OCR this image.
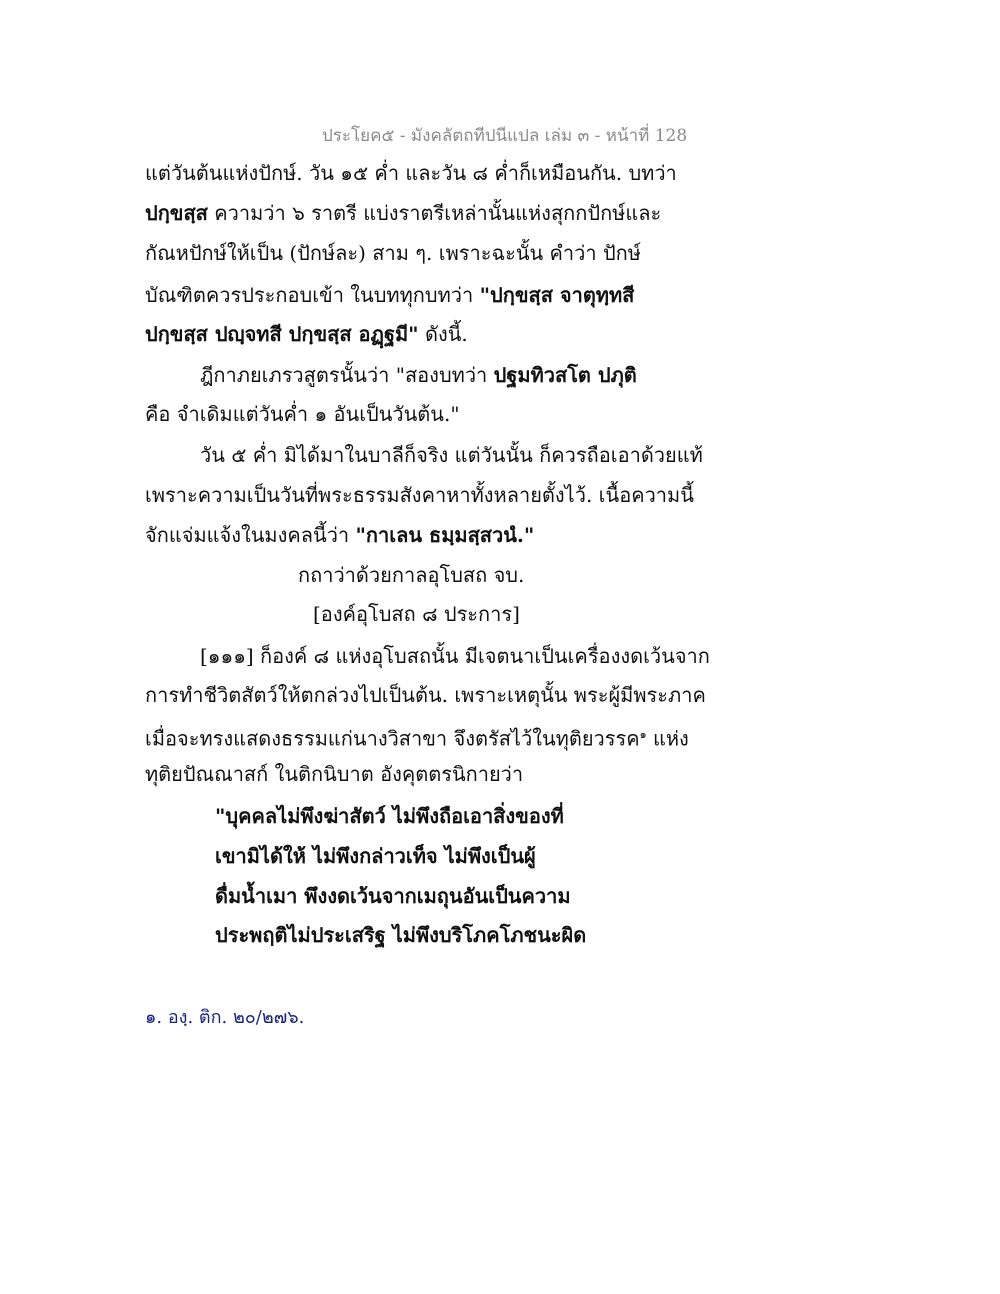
ประโยค๕ - มังคลัตถทีปนีแปล เล่ม ๓ - หน้าที่ 128
แต่วันต้นแห่งปักษ์. วัน ๑๕ ค่ำ และวัน ๘ ค่ำก็เหมือนกัน. บทว่า
ปกฺขสฺส ความว่า ๖ ราตรี แบ่งราตรีเหล่านั้นแห่งสุกกปักษ์และ
กัณหปักษ์ให้เป็น (ปักษ์ละ) สาม ๆ. เพราะฉะนั้น คำว่า ปักษ์
บัณฑิตควรประกอบเข้า ในบททุกบทว่า "ปกฺขสฺส จาตุทฺทสี
ปกฺขสฺส ปญฺจทสี ปกฺขสฺส อฏฺฐมี" ดังนี้.
ฎีกาภยเภรวสูตรนั้นว่า "สองบทว่า ปฐมทิวสโต ปภุติ
คือ จำเดิมแต่วันค่ำ ๑ อันเป็นวันต้น."
วัน ๕ ค่ำ มิได้มาในบาลีก็จริง แต่วันนั้น ก็ควรถือเอาด้วยแท้
เพราะความเป็นวันที่พระธรรมสังคาหาทั้งหลายตั้งไว้. เนื้อความนี้
จักแจ่มแจ้งในมงคลนี้ว่า "กาเลน ธมฺมสฺสวนํ."
กถาว่าด้วยกาลอุโบสถ จบ.
[องค์อุโบสถ ๘ ประการ]
[๑๑๑] ก็องค์ ๘ แห่งอุโบสถนั้น มีเจตนาเป็นเครื่องงดเว้นจาก
การทำชีวิตสัตว์ให้ตกล่วงไปเป็นต้น. เพราะเหตุนั้น พระผู้มีพระภาค
เมื่อจะทรงแสดงธรรมแก่นางวิสาขา จึงตรัสไว้ในทุติยวรรค$^๑$ แห่ง
ทุติยปัณณาสก์ ในติกนิบาต อังคุตตรนิกายว่า
"บุคคลไม่พึงฆ่าสัตว์ ไม่พึงถือเอาสิ่งของที่
เขามิได้ให้ ไม่พึงกล่าวเท็จ ไม่พึงเป็นผู้
ดื่มน้ำเมา พึงงดเว้นจากเมถุนอันเป็นความ
ประพฤติไม่ประเสริฐ ไม่พึงบริโภคโภชนะผิด
๑. องฺ. ติก. ๒๐/๒๗๖.
